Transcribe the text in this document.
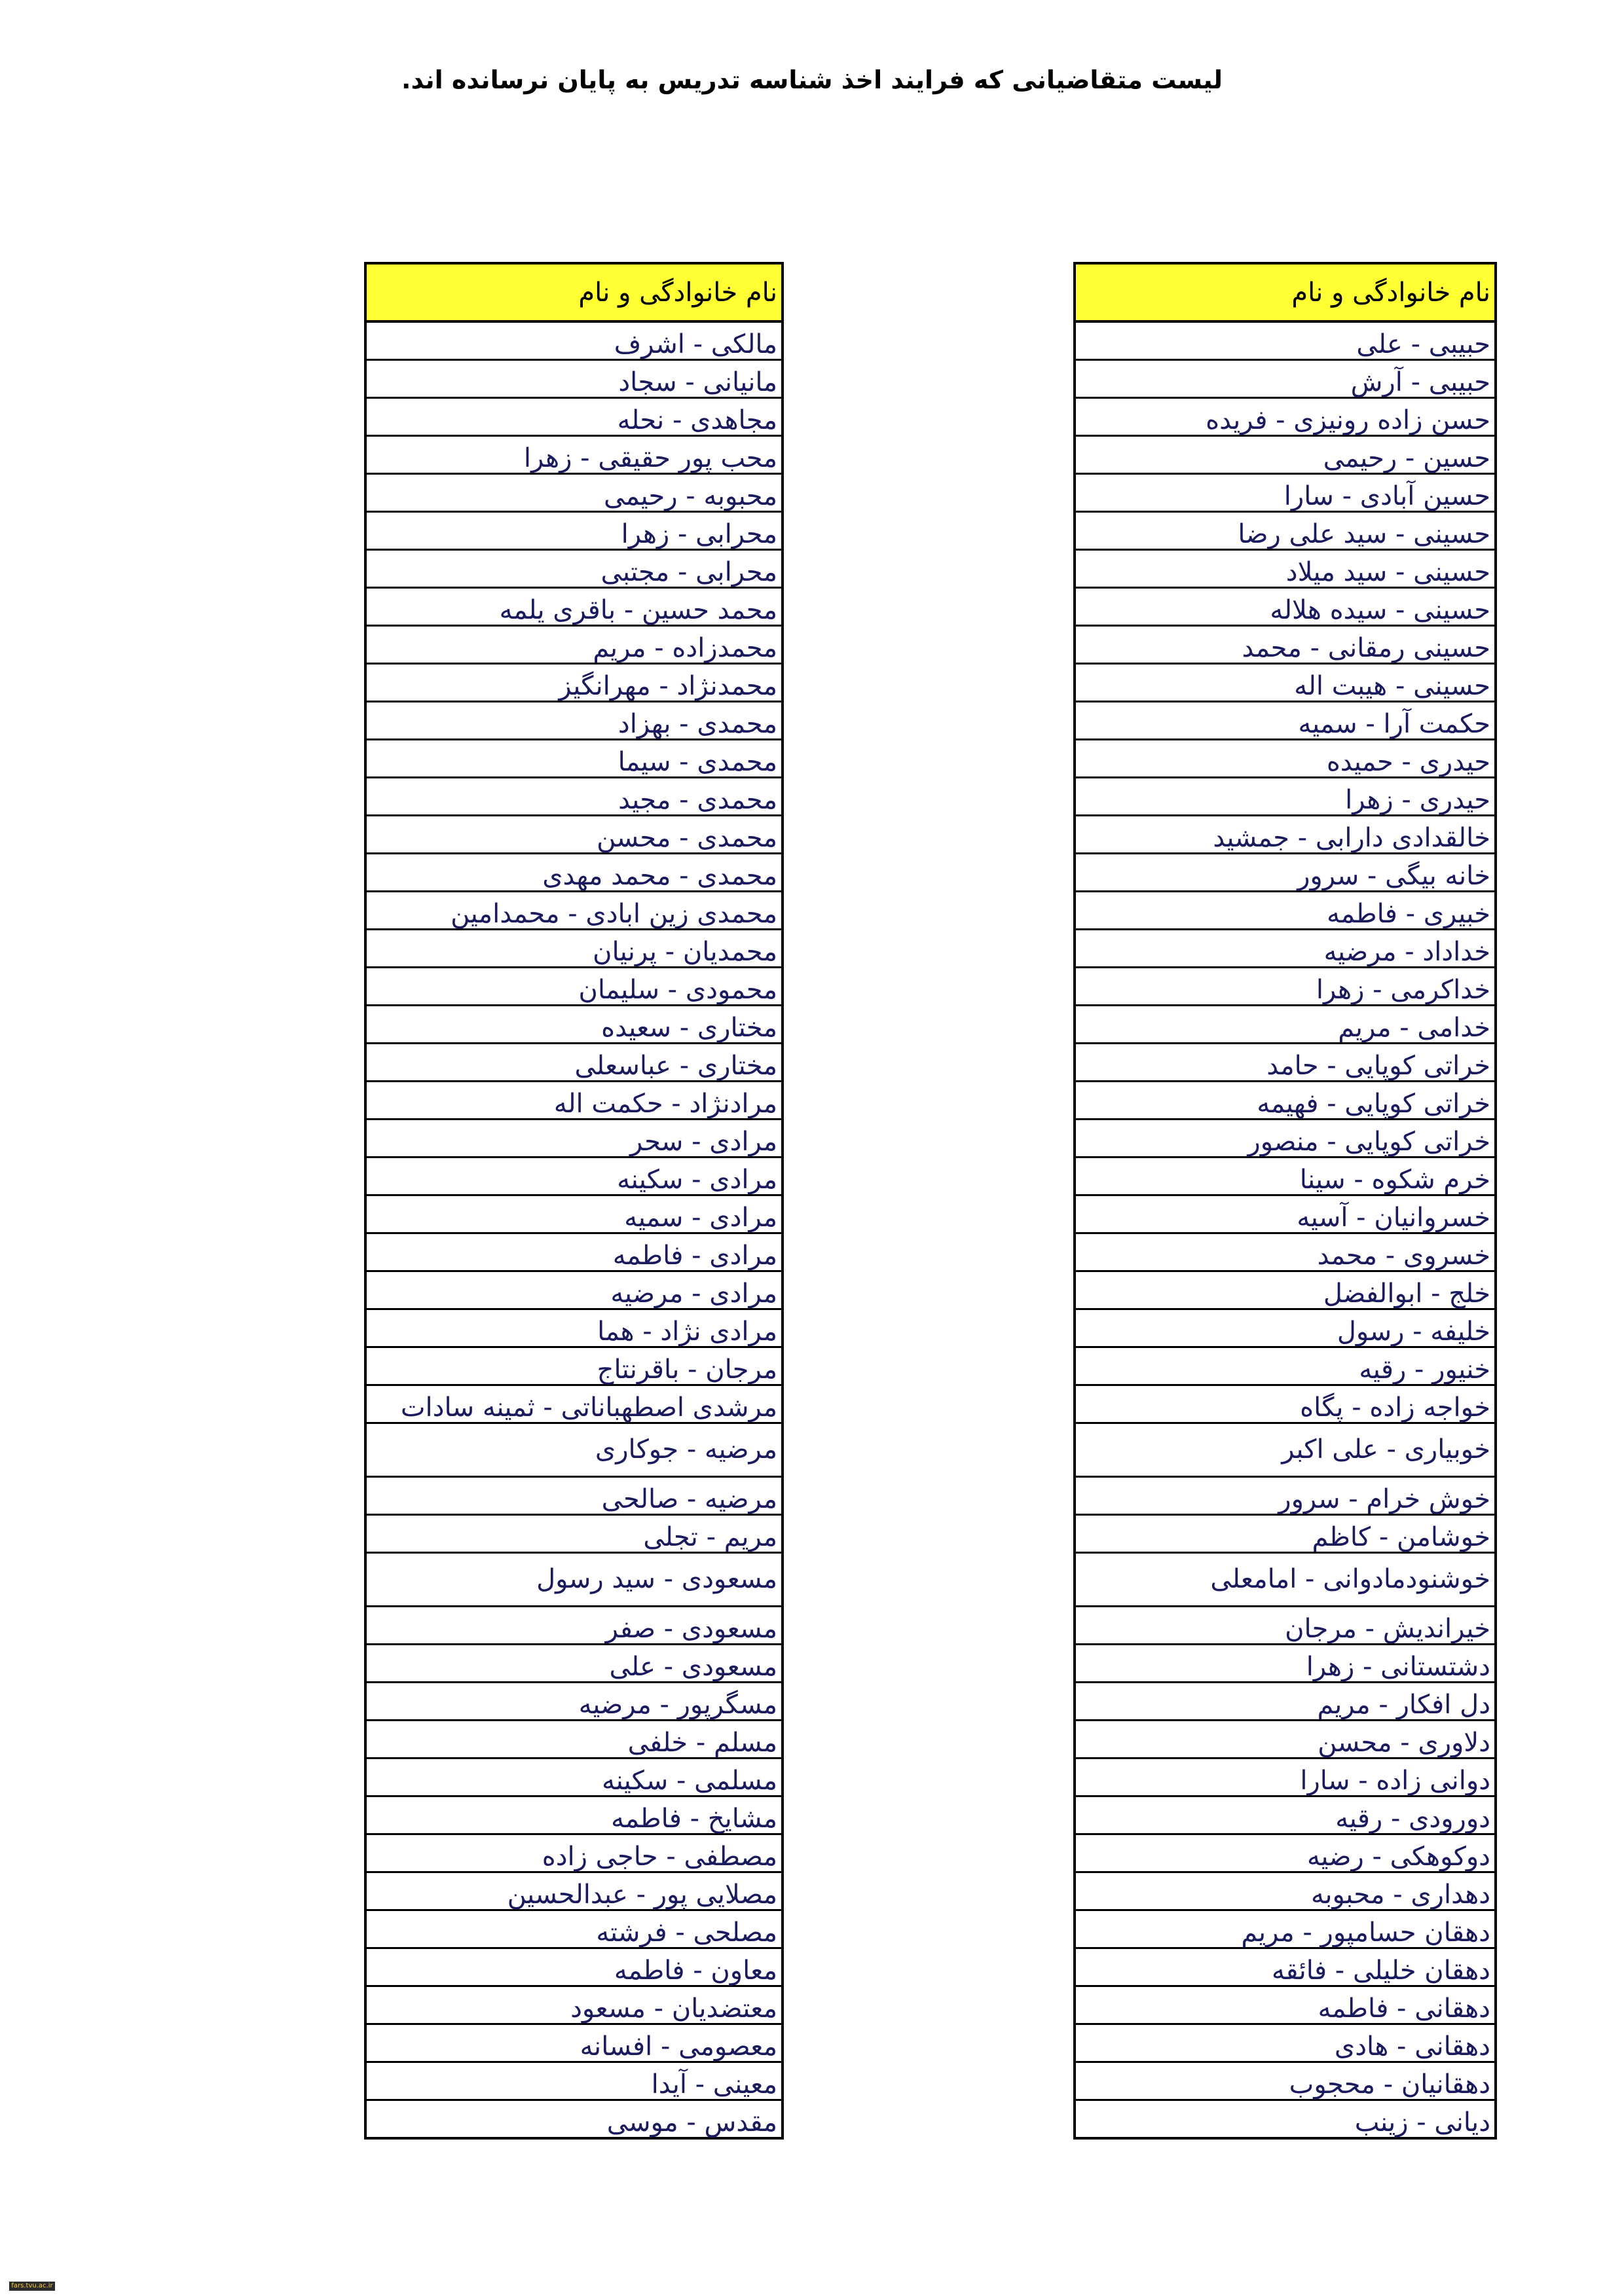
لیست متقاضیانی که فرایند اخذ شناسه تدریس به پایان نرسانده اند.
نام خانوادگی و نام
حبیبی - علی
حبیبی - آرش
حسن زاده رونیزی - فریده
حسین - رحیمی
حسین آبادی - سارا
حسینی - سید علی رضا
حسینی - سید میلاد
حسینی - سیده هلاله
حسینی رمقانی - محمد
حسینی - هیبت اله
حکمت آرا - سمیه
حیدری - حمیده
حیدری - زهرا
خالقدادی دارابی - جمشید
خانه بیگی - سرور
خبیری - فاطمه
خداداد - مرضیه
خداکرمی - زهرا
خدامی - مریم
خراتی کوپایی - حامد
خراتی کوپایی - فهیمه
خراتی کوپایی - منصور
خرم شکوه - سینا
خسروانیان - آسیه
خسروی - محمد
خلج - ابوالفضل
خلیفه - رسول
خنیور - رقیه
خواجه زاده - پگاه
خوبیاری - علی اکبر
خوش خرام - سرور
خوشامن - کاظم
خوشنودمادوانی - امامعلی
خیراندیش - مرجان
دشتستانی - زهرا
دل افکار - مریم
دلاوری - محسن
دوانی زاده - سارا
دورودی - رقیه
دوکوهکی - رضیه
دهداری - محبوبه
دهقان حسامپور - مریم
دهقان خلیلی - فائقه
دهقانی - فاطمه
دهقانی - هادی
دهقانیان - محجوب
دیانی - زینب
نام خانوادگی و نام
مالکی - اشرف
مانیانی - سجاد
مجاهدی - نحله
محب پور حقیقی - زهرا
محبوبه - رحیمی
محرابی - زهرا
محرابی - مجتبی
محمد حسین - باقری یلمه
محمدزاده - مریم
محمدنژاد - مهرانگیز
محمدی - بهزاد
محمدی - سیما
محمدی - مجید
محمدی - محسن
محمدی - محمد مهدی
محمدی زین ابادی - محمدامین
محمدیان - پرنیان
محمودی - سلیمان
مختاری - سعیده
مختاری - عباسعلی
مرادنژاد - حکمت اله
مرادی - سحر
مرادی - سکینه
مرادی - سمیه
مرادی - فاطمه
مرادی - مرضیه
مرادی نژاد - هما
مرجان - باقرنتاج
مرشدی اصطهباناتی - ثمینه سادات
مرضیه - جوکاری
مرضیه - صالحی
مریم - تجلی
مسعودی - سید رسول
مسعودی - صفر
مسعودی - علی
مسگرپور - مرضیه
مسلم - خلفی
مسلمی - سکینه
مشایخ - فاطمه
مصطفی - حاجی زاده
مصلایی پور - عبدالحسین
مصلحی - فرشته
معاون - فاطمه
معتضدیان - مسعود
معصومی - افسانه
معینی - آیدا
مقدس - موسی
fars.tvu.ac.ir
